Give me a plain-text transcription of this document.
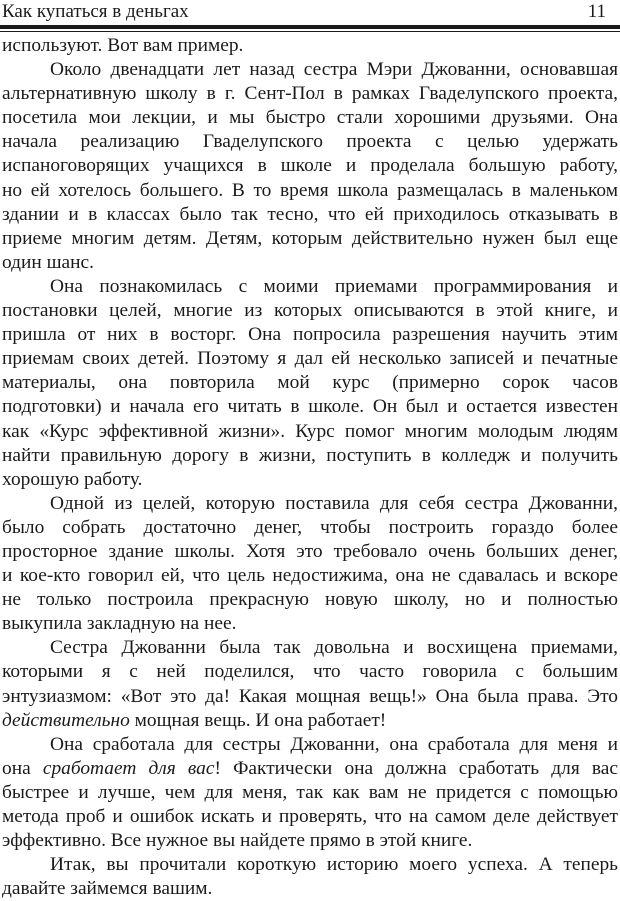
Как купаться в деньгах	11

используют. Вот вам пример.

Около двенадцати лет назад сестра Мэри Джованни, основавшая
альтернативную школу в г. Сент-Пол в рамках Гваделупского проекта,
посетила мои лекции, и мы быстро стали хорошими друзьями. Она
начала реализацию Гваделупского проекта с целью удержать
испаноговорящих учащихся в школе и проделала большую работу,
но ей хотелось большего. В то время школа размещалась в маленьком
здании и в классах было так тесно, что ей приходилось отказывать в
приеме многим детям. Детям, которым действительно нужен был еще
один шанс.

Она познакомилась с моими приемами программирования и
постановки целей, многие из которых описываются в этой книге, и
пришла от них в восторг. Она попросила разрешения научить этим
приемам своих детей. Поэтому я дал ей несколько записей и печатные
материалы, она повторила мой курс (примерно сорок часов
подготовки) и начала его читать в школе. Он был и остается известен
как «Курс эффективной жизни». Курс помог многим молодым людям
найти правильную дорогу в жизни, поступить в колледж и получить
хорошую работу.

Одной из целей, которую поставила для себя сестра Джованни,
было собрать достаточно денег, чтобы построить гораздо более
просторное здание школы. Хотя это требовало очень больших денег,
и кое-кто говорил ей, что цель недостижима, она не сдавалась и вскоре
не только построила прекрасную новую школу, но и полностью
выкупила закладную на нее.

Сестра Джованни была так довольна и восхищена приемами,
которыми я с ней поделился, что часто говорила с большим
энтузиазмом: «Вот это да! Какая мощная вещь!» Она была права. Это
действительно мощная вещь. И она работает!

Она сработала для сестры Джованни, она сработала для меня и
она сработает для вас! Фактически она должна сработать для вас
быстрее и лучше, чем для меня, так как вам не придется с помощью
метода проб и ошибок искать и проверять, что на самом деле действует
эффективно. Все нужное вы найдете прямо в этой книге.

Итак, вы прочитали короткую историю моего успеха. А теперь
давайте займемся вашим.
